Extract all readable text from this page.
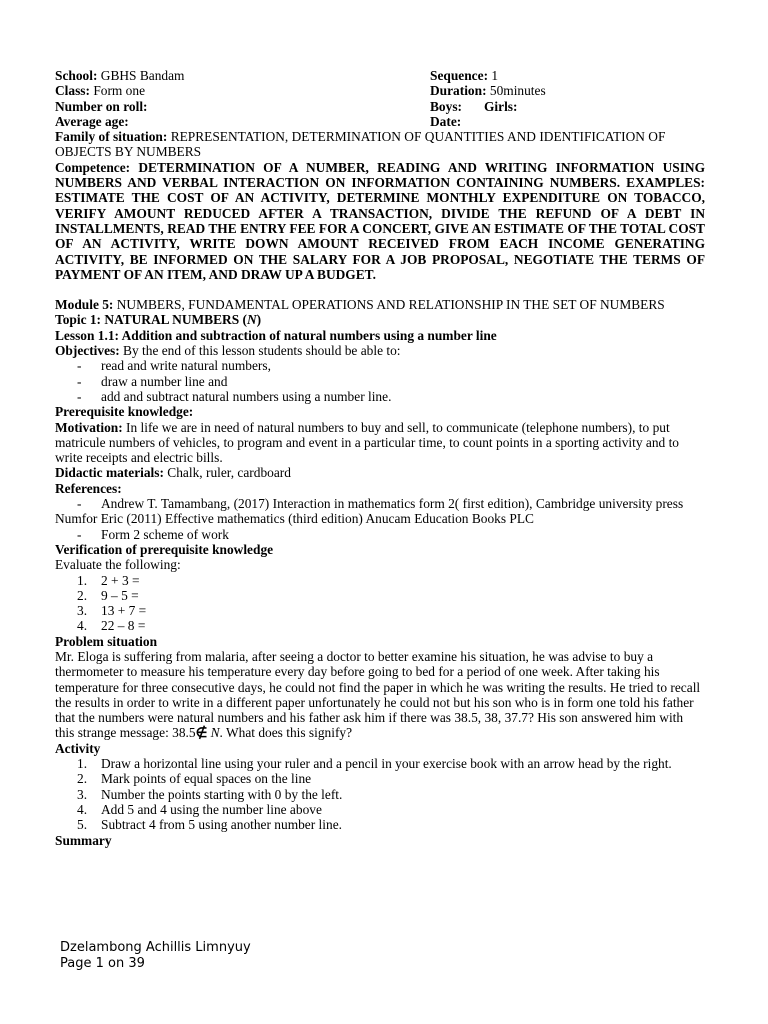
School: GBHS Bandam	Sequence: 1
Class: Form one	Duration: 50minutes
Number on roll:	Boys: Girls:
Average age:	Date:
Family of situation: REPRESENTATION, DETERMINATION OF QUANTITIES AND IDENTIFICATION OF OBJECTS BY NUMBERS
Competence: DETERMINATION OF A NUMBER, READING AND WRITING INFORMATION USING NUMBERS AND VERBAL INTERACTION ON INFORMATION CONTAINING NUMBERS. EXAMPLES: ESTIMATE THE COST OF AN ACTIVITY, DETERMINE MONTHLY EXPENDITURE ON TOBACCO, VERIFY AMOUNT REDUCED AFTER A TRANSACTION, DIVIDE THE REFUND OF A DEBT IN INSTALLMENTS, READ THE ENTRY FEE FOR A CONCERT, GIVE AN ESTIMATE OF THE TOTAL COST OF AN ACTIVITY, WRITE DOWN AMOUNT RECEIVED FROM EACH INCOME GENERATING ACTIVITY, BE INFORMED ON THE SALARY FOR A JOB PROPOSAL, NEGOTIATE THE TERMS OF PAYMENT OF AN ITEM, AND DRAW UP A BUDGET.
Module 5: NUMBERS, FUNDAMENTAL OPERATIONS AND RELATIONSHIP IN THE SET OF NUMBERS
Topic 1: NATURAL NUMBERS (N)
Lesson 1.1: Addition and subtraction of natural numbers using a number line
Objectives: By the end of this lesson students should be able to:
- read and write natural numbers,
- draw a number line and
- add and subtract natural numbers using a number line.
Prerequisite knowledge:
Motivation: In life we are in need of natural numbers to buy and sell, to communicate (telephone numbers), to put matricule numbers of vehicles, to program and event in a particular time, to count points in a sporting activity and to write receipts and electric bills.
Didactic materials: Chalk, ruler, cardboard
References:
- Andrew T. Tamambang, (2017) Interaction in mathematics form 2( first edition), Cambridge university press
Numfor Eric (2011) Effective mathematics (third edition) Anucam Education Books PLC
- Form 2 scheme of work
Verification of prerequisite knowledge
Evaluate the following:
1. 2 + 3 =
2. 9 – 5 =
3. 13 + 7 =
4. 22 – 8 =
Problem situation
Mr. Eloga is suffering from malaria, after seeing a doctor to better examine his situation, he was advise to buy a thermometer to measure his temperature every day before going to bed for a period of one week. After taking his temperature for three consecutive days, he could not find the paper in which he was writing the results. He tried to recall the results in order to write in a different paper unfortunately he could not but his son who is in form one told his father that the numbers were natural numbers and his father ask him if there was 38.5, 38, 37.7? His son answered him with this strange message: 38.5∉ N. What does this signify?
Activity
1. Draw a horizontal line using your ruler and a pencil in your exercise book with an arrow head by the right.
2. Mark points of equal spaces on the line
3. Number the points starting with 0 by the left.
4. Add 5 and 4 using the number line above
5. Subtract 4 from 5 using another number line.
Summary
Dzelambong Achillis Limnyuy
Page 1 on 39
